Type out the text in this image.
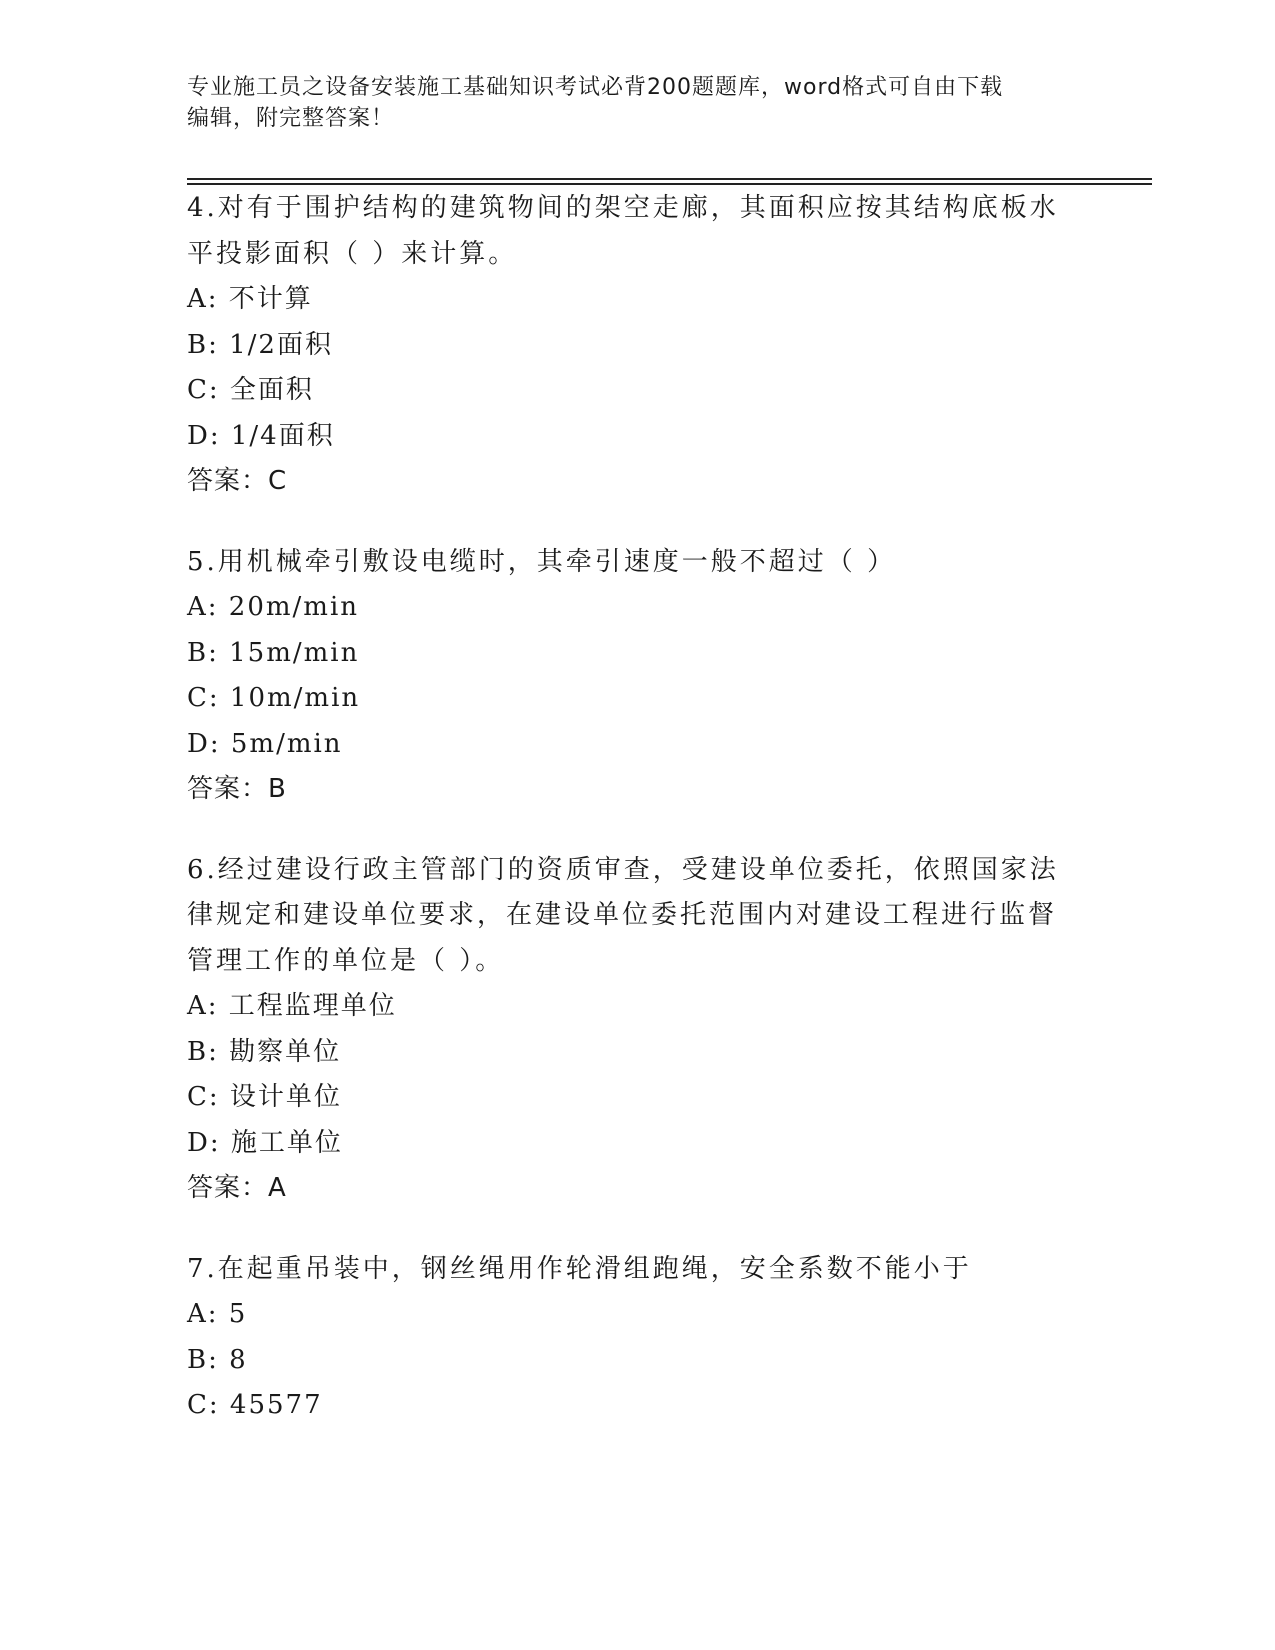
专业施工员之设备安装施工基础知识考试必背200题题库，word格式可自由下载
编辑，附完整答案！
4.对有于围护结构的建筑物间的架空走廊，其面积应按其结构底板水
平投影面积（ ）来计算。
A: 不计算
B: 1/2面积
C: 全面积
D: 1/4面积
答案：C
5.用机械牵引敷设电缆时，其牵引速度一般不超过（ ）
A: 20m/min
B: 15m/min
C: 10m/min
D: 5m/min
答案：B
6.经过建设行政主管部门的资质审查，受建设单位委托，依照国家法
律规定和建设单位要求，在建设单位委托范围内对建设工程进行监督
管理工作的单位是（ ）。
A: 工程监理单位
B: 勘察单位
C: 设计单位
D: 施工单位
答案：A
7.在起重吊装中，钢丝绳用作轮滑组跑绳，安全系数不能小于
A: 5
B: 8
C: 45577
